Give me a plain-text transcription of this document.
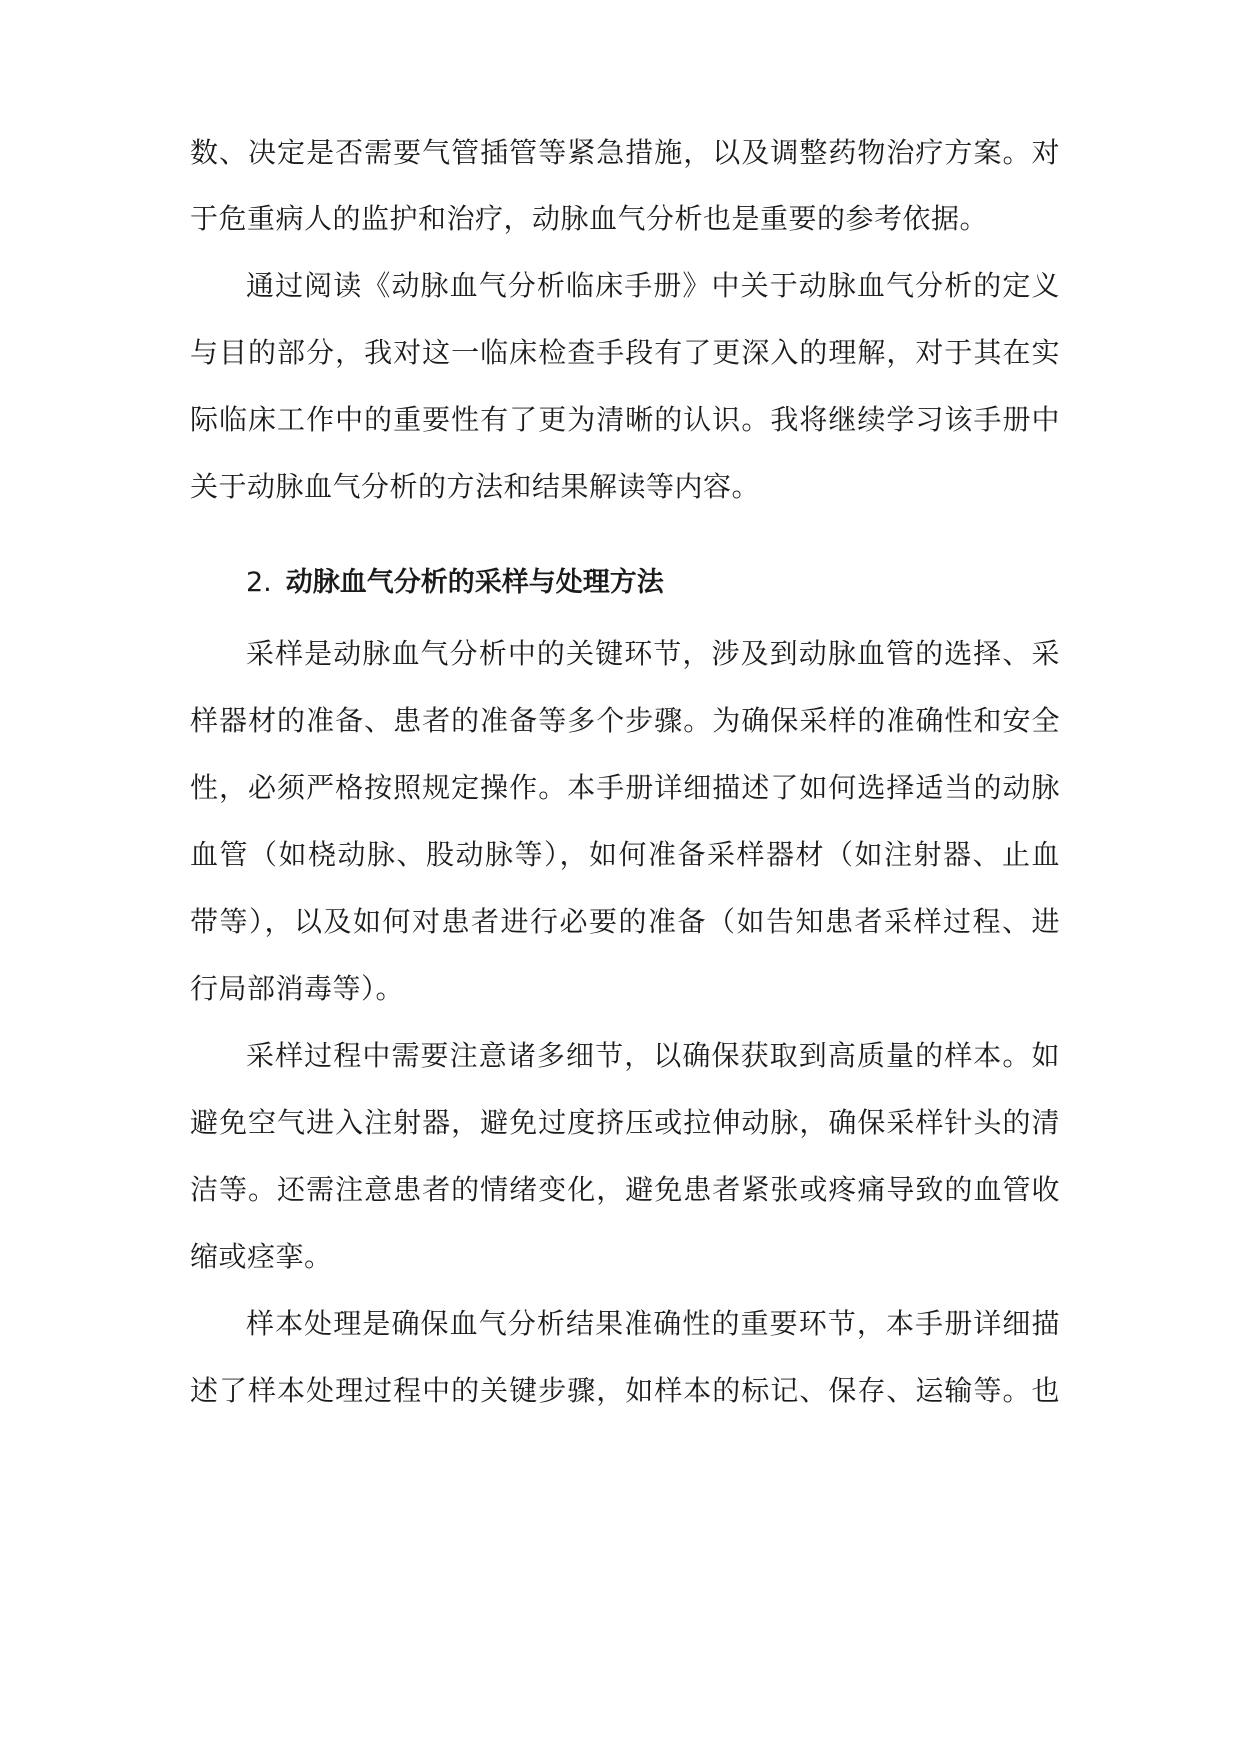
数、决定是否需要气管插管等紧急措施，以及调整药物治疗方案。对
于危重病人的监护和治疗，动脉血气分析也是重要的参考依据。
通过阅读《动脉血气分析临床手册》中关于动脉血气分析的定义
与目的部分，我对这一临床检查手段有了更深入的理解，对于其在实
际临床工作中的重要性有了更为清晰的认识。我将继续学习该手册中
关于动脉血气分析的方法和结果解读等内容。
2. 动脉血气分析的采样与处理方法
采样是动脉血气分析中的关键环节，涉及到动脉血管的选择、采
样器材的准备、患者的准备等多个步骤。为确保采样的准确性和安全
性，必须严格按照规定操作。本手册详细描述了如何选择适当的动脉
血管（如桡动脉、股动脉等），如何准备采样器材（如注射器、止血
带等），以及如何对患者进行必要的准备（如告知患者采样过程、进
行局部消毒等）。
采样过程中需要注意诸多细节，以确保获取到高质量的样本。如
避免空气进入注射器，避免过度挤压或拉伸动脉，确保采样针头的清
洁等。还需注意患者的情绪变化，避免患者紧张或疼痛导致的血管收
缩或痉挛。
样本处理是确保血气分析结果准确性的重要环节，本手册详细描
述了样本处理过程中的关键步骤，如样本的标记、保存、运输等。也
